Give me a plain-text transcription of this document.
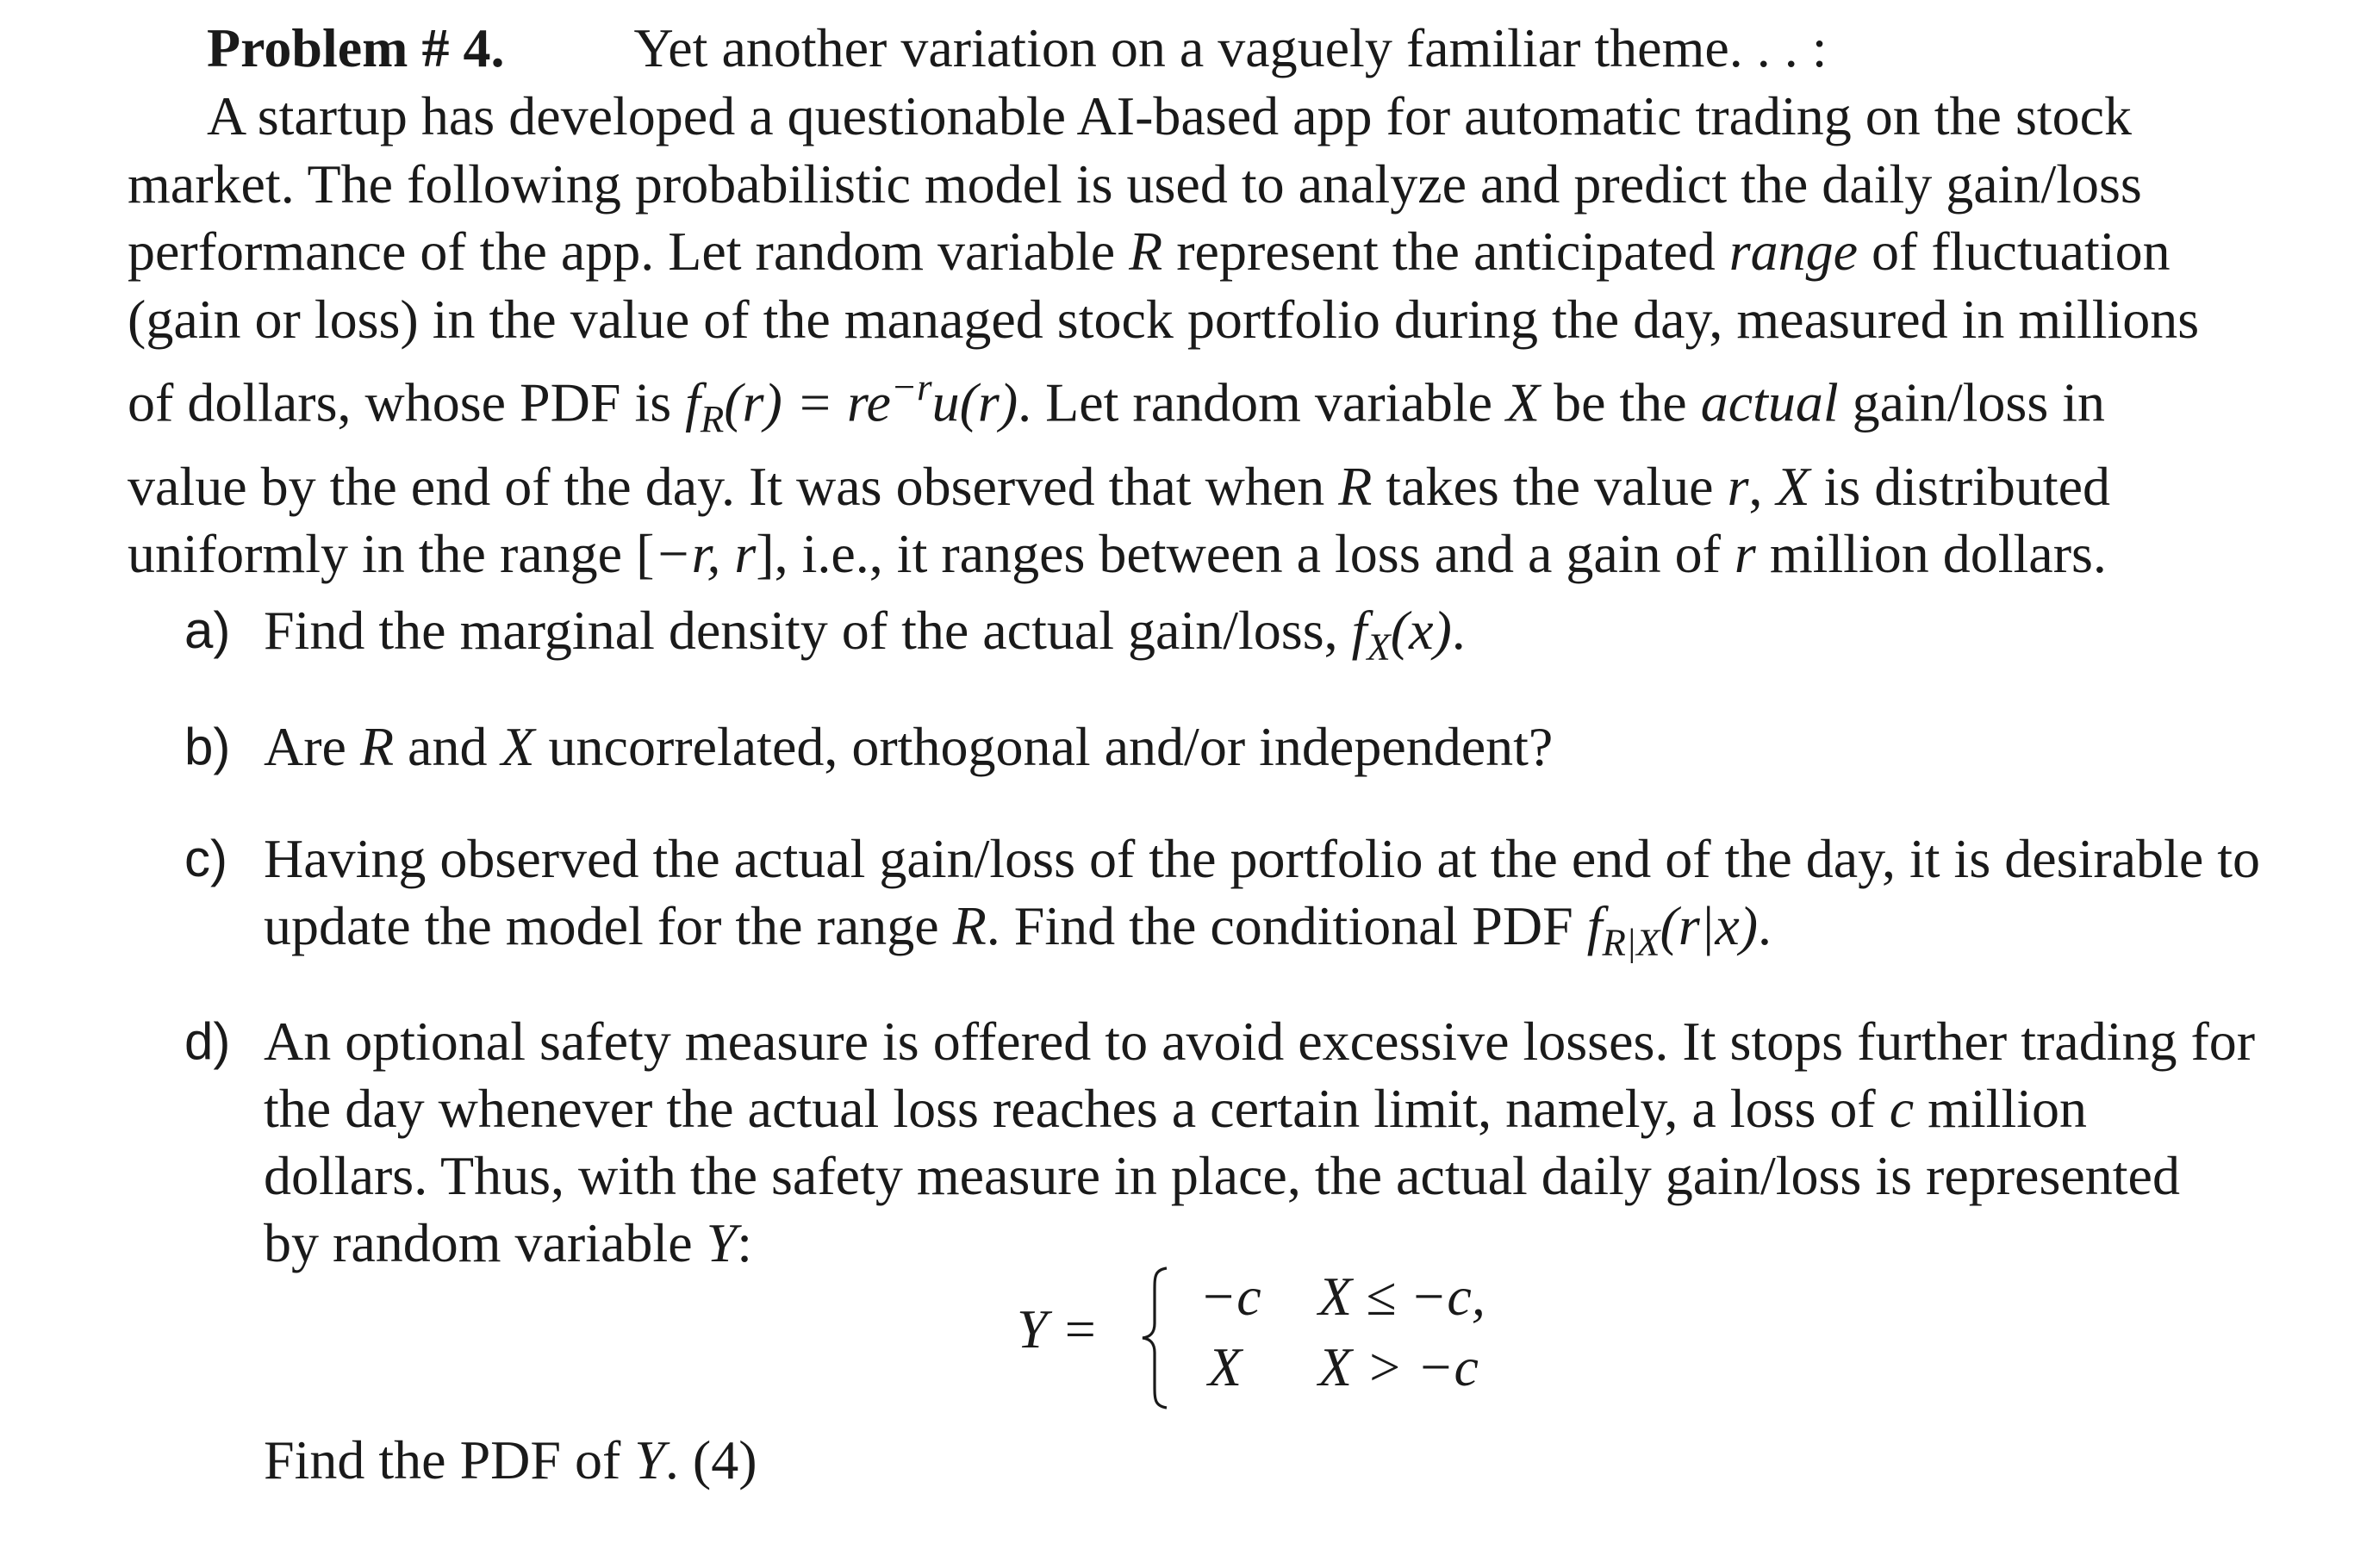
Problem # 4. Yet another variation on a vaguely familiar theme. . . :
A startup has developed a questionable AI-based app for automatic trading on the stock
market. The following probabilistic model is used to analyze and predict the daily gain/loss
performance of the app. Let random variable R represent the anticipated range of fluctuation
(gain or loss) in the value of the managed stock portfolio during the day, measured in millions
of dollars, whose PDF is $f_R(r) = re^{-r}u(r)$. Let random variable X be the actual gain/loss in
value by the end of the day. It was observed that when R takes the value r, X is distributed
uniformly in the range [−r, r], i.e., it ranges between a loss and a gain of r million dollars.
a) Find the marginal density of the actual gain/loss, $f_X(x)$.
b) Are R and X uncorrelated, orthogonal and/or independent?
c) Having observed the actual gain/loss of the portfolio at the end of the day, it is desirable to
update the model for the range R. Find the conditional PDF $f_{R|X}(r|x)$.
d) An optional safety measure is offered to avoid excessive losses. It stops further trading for
the day whenever the actual loss reaches a certain limit, namely, a loss of c million
dollars. Thus, with the safety measure in place, the actual daily gain/loss is represented
by random variable Y:
Y =
−c X ≤ −c,
X X > −c
Find the PDF of Y. (4)
